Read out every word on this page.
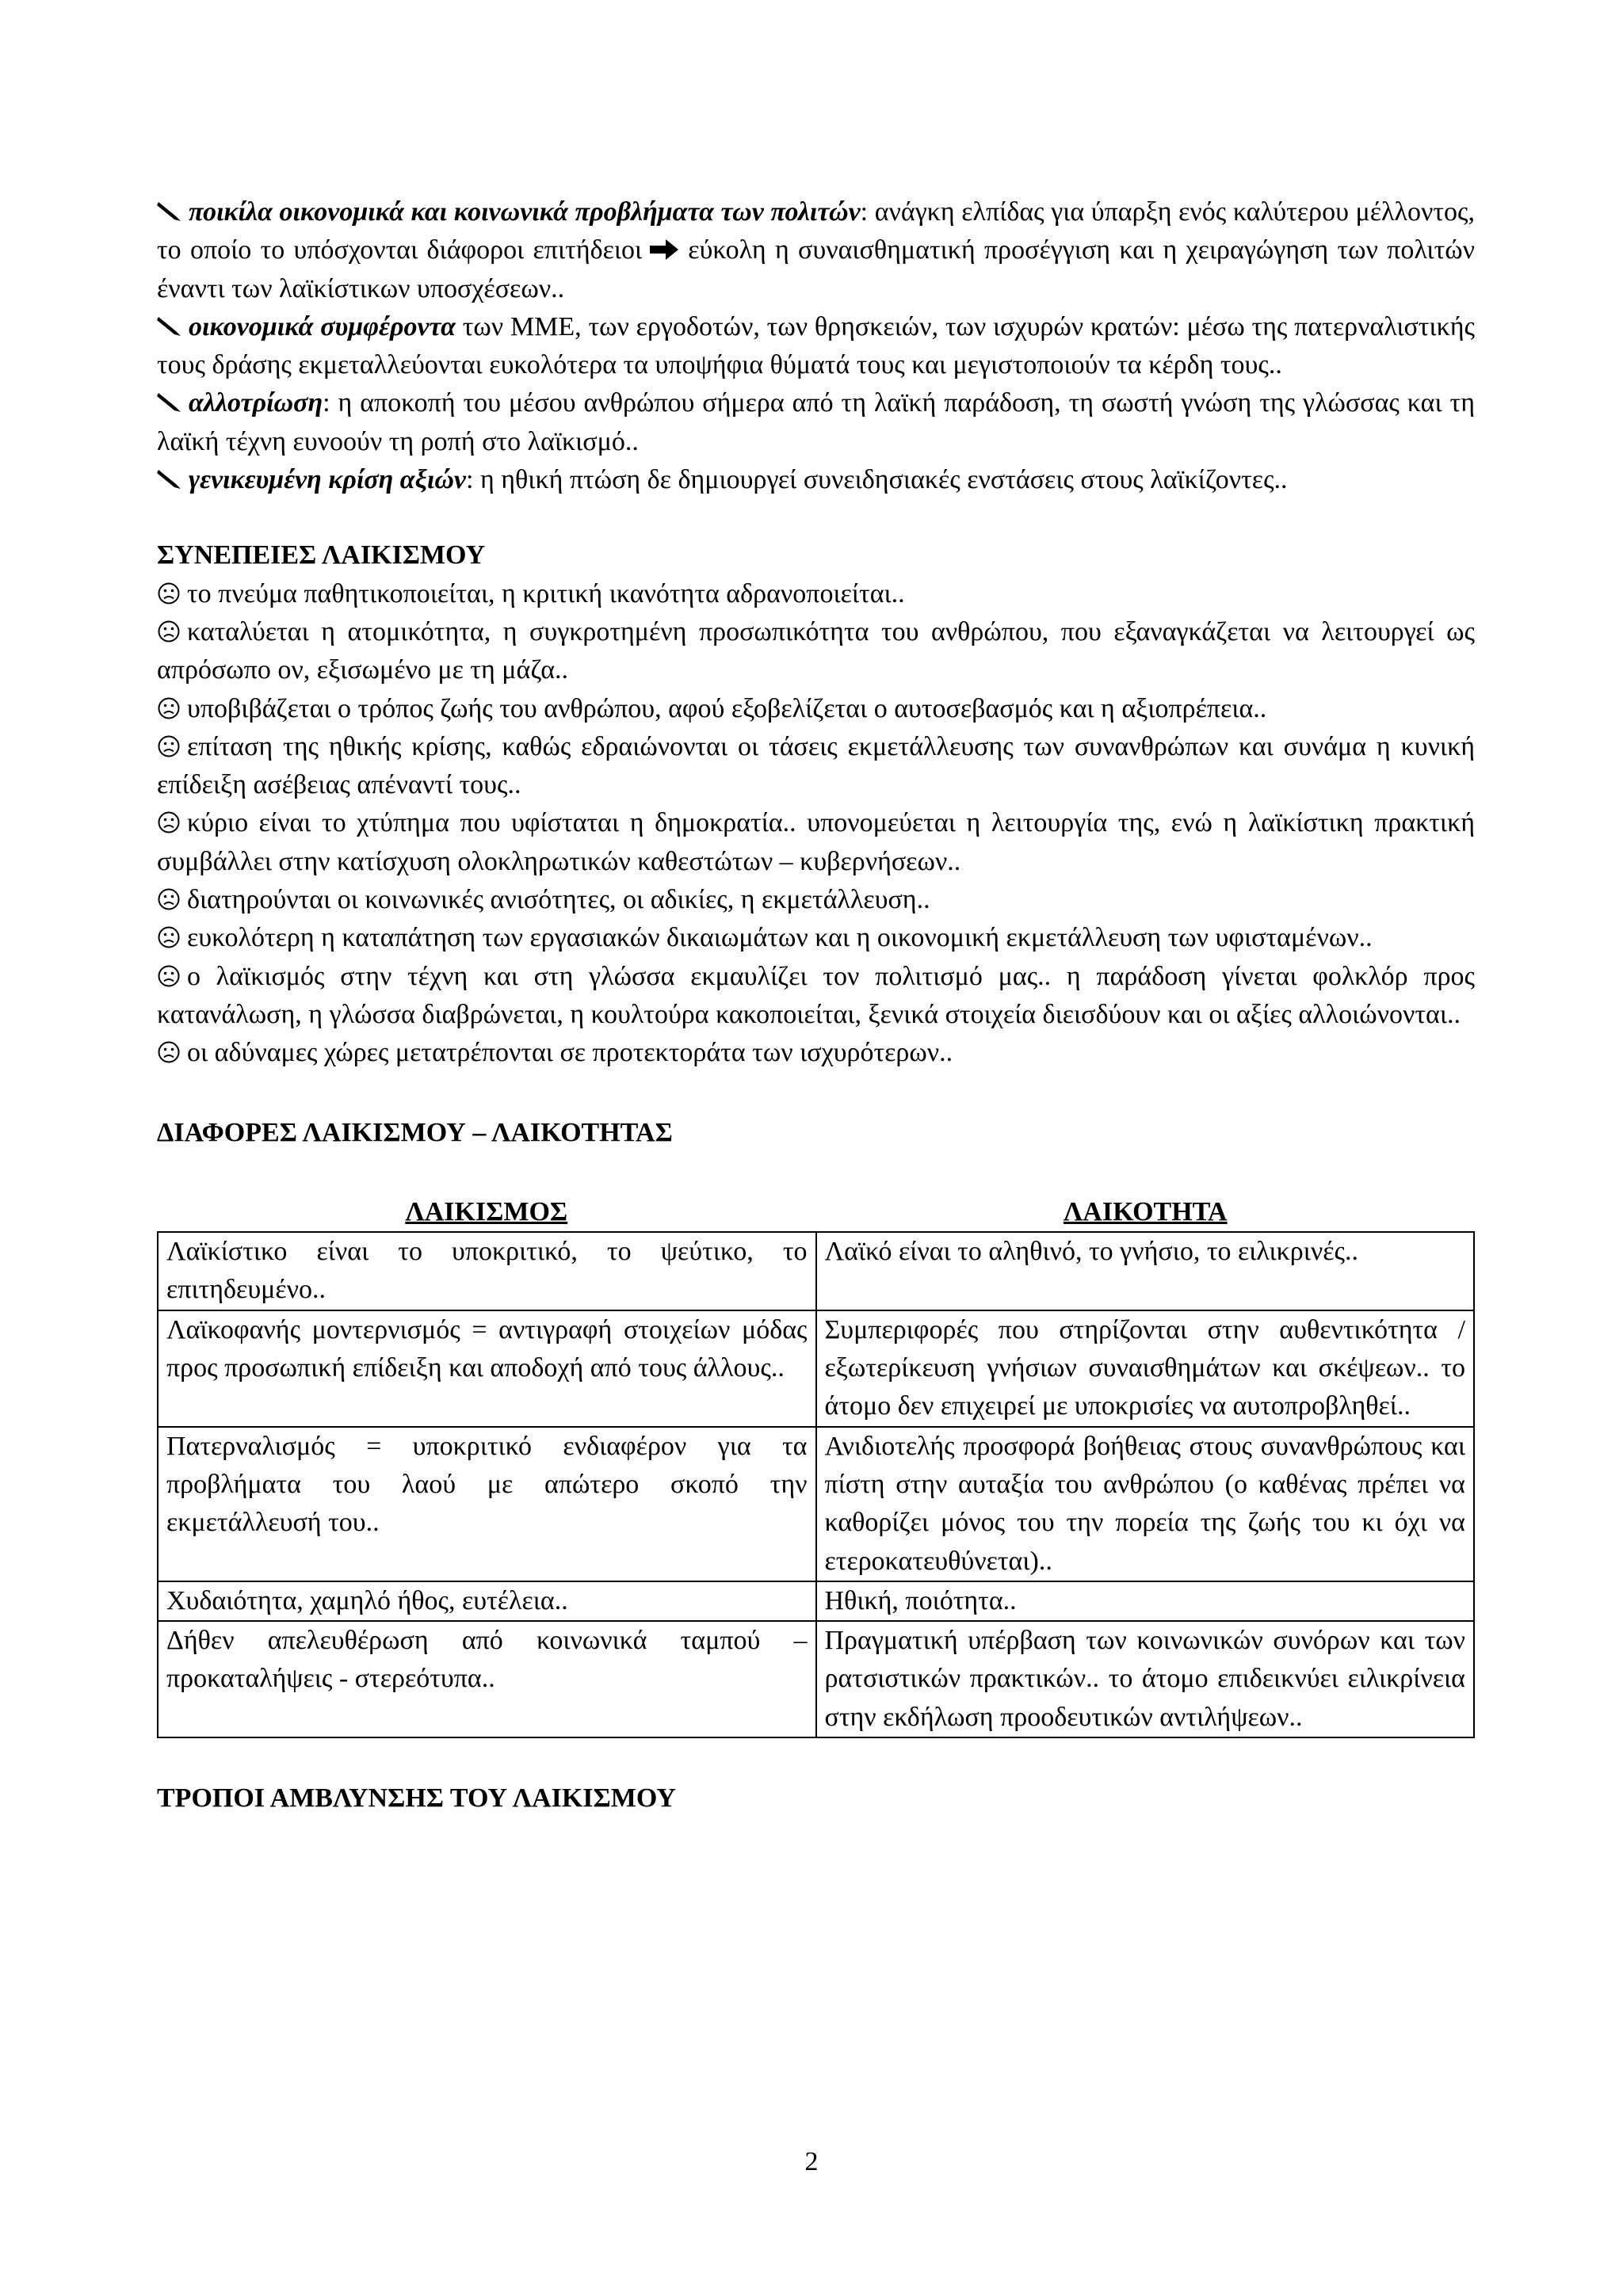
ποικίλα οικονομικά και κοινωνικά προβλήματα των πολιτών: ανάγκη ελπίδας για ύπαρξη ενός καλύτερου μέλλοντος, το οποίο το υπόσχονται διάφοροι επιτήδειοι εύκολη η συναισθηματική προσέγγιση και η χειραγώγηση των πολιτών έναντι των λαϊκίστικων υποσχέσεων..

οικονομικά συμφέροντα των ΜΜΕ, των εργοδοτών, των θρησκειών, των ισχυρών κρατών: μέσω της πατερναλιστικής τους δράσης εκμεταλλεύονται ευκολότερα τα υποψήφια θύματά τους και μεγιστοποιούν τα κέρδη τους..

αλλοτρίωση: η αποκοπή του μέσου ανθρώπου σήμερα από τη λαϊκή παράδοση, τη σωστή γνώση της γλώσσας και τη λαϊκή τέχνη ευνοούν τη ροπή στο λαϊκισμό..

γενικευμένη κρίση αξιών: η ηθική πτώση δε δημιουργεί συνειδησιακές ενστάσεις στους λαϊκίζοντες..

ΣΥΝΕΠΕΙΕΣ ΛΑΙΚΙΣΜΟΥ

το πνεύμα παθητικοποιείται, η κριτική ικανότητα αδρανοποιείται..

καταλύεται η ατομικότητα, η συγκροτημένη προσωπικότητα του ανθρώπου, που εξαναγκάζεται να λειτουργεί ως απρόσωπο ον, εξισωμένο με τη μάζα..

υποβιβάζεται ο τρόπος ζωής του ανθρώπου, αφού εξοβελίζεται ο αυτοσεβασμός και η αξιοπρέπεια..

επίταση της ηθικής κρίσης, καθώς εδραιώνονται οι τάσεις εκμετάλλευσης των συνανθρώπων και συνάμα η κυνική επίδειξη ασέβειας απέναντί τους..

κύριο είναι το χτύπημα που υφίσταται η δημοκρατία.. υπονομεύεται η λειτουργία της, ενώ η λαϊκίστικη πρακτική συμβάλλει στην κατίσχυση ολοκληρωτικών καθεστώτων – κυβερνήσεων..

διατηρούνται οι κοινωνικές ανισότητες, οι αδικίες, η εκμετάλλευση..

ευκολότερη η καταπάτηση των εργασιακών δικαιωμάτων και η οικονομική εκμετάλλευση των υφισταμένων..

ο λαϊκισμός στην τέχνη και στη γλώσσα εκμαυλίζει τον πολιτισμό μας.. η παράδοση γίνεται φολκλόρ προς κατανάλωση, η γλώσσα διαβρώνεται, η κουλτούρα κακοποιείται, ξενικά στοιχεία διεισδύουν και οι αξίες αλλοιώνονται..

οι αδύναμες χώρες μετατρέπονται σε προτεκτοράτα των ισχυρότερων..

ΔΙΑΦΟΡΕΣ ΛΑΙΚΙΣΜΟΥ – ΛΑΙΚΟΤΗΤΑΣ

ΛΑΙΚΙΣΜΟΣ	ΛΑΙΚΟΤΗΤΑ
Λαϊκίστικο είναι το υποκριτικό, το ψεύτικο, το επιτηδευμένο..	Λαϊκό είναι το αληθινό, το γνήσιο, το ειλικρινές..
Λαϊκοφανής μοντερνισμός = αντιγραφή στοιχείων μόδας προς προσωπική επίδειξη και αποδοχή από τους άλλους..	Συμπεριφορές που στηρίζονται στην αυθεντικότητα / εξωτερίκευση γνήσιων συναισθημάτων και σκέψεων.. το άτομο δεν επιχειρεί με υποκρισίες να αυτοπροβληθεί..
Πατερναλισμός = υποκριτικό ενδιαφέρον για τα προβλήματα του λαού με απώτερο σκοπό την εκμετάλλευσή του..	Ανιδιοτελής προσφορά βοήθειας στους συνανθρώπους και πίστη στην αυταξία του ανθρώπου (ο καθένας πρέπει να καθορίζει μόνος του την πορεία της ζωής του κι όχι να ετεροκατευθύνεται)..
Χυδαιότητα, χαμηλό ήθος, ευτέλεια..	Ηθική, ποιότητα..
Δήθεν απελευθέρωση από κοινωνικά ταμπού – προκαταλήψεις - στερεότυπα..	Πραγματική υπέρβαση των κοινωνικών συνόρων και των ρατσιστικών πρακτικών.. το άτομο επιδεικνύει ειλικρίνεια στην εκδήλωση προοδευτικών αντιλήψεων..

ΤΡΟΠΟΙ ΑΜΒΛΥΝΣΗΣ ΤΟΥ ΛΑΙΚΙΣΜΟΥ

2
